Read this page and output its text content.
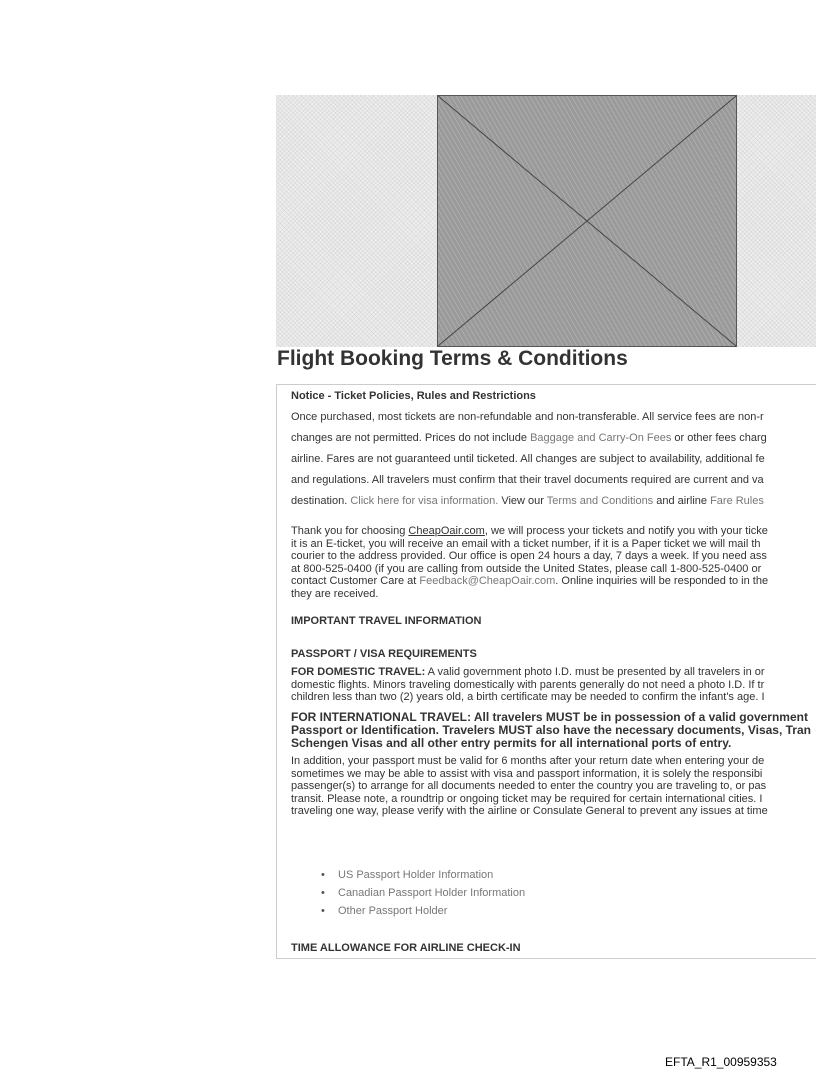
Flight Booking Terms & Conditions
Notice - Ticket Policies, Rules and Restrictions
Once purchased, most tickets are non-refundable and non-transferable. All service fees are non-r
changes are not permitted. Prices do not include Baggage and Carry-On Fees or other fees charg
airline. Fares are not guaranteed until ticketed. All changes are subject to availability, additional fe
and regulations. All travelers must confirm that their travel documents required are current and va
destination. Click here for visa information. View our Terms and Conditions and airline Fare Rules
Thank you for choosing CheapOair.com, we will process your tickets and notify you with your ticke
it is an E-ticket, you will receive an email with a ticket number, if it is a Paper ticket we will mail th
courier to the address provided. Our office is open 24 hours a day, 7 days a week. If you need ass
at 800-525-0400 (if you are calling from outside the United States, please call 1-800-525-0400 or
contact Customer Care at Feedback@CheapOair.com. Online inquiries will be responded to in the
they are received.
IMPORTANT TRAVEL INFORMATION
PASSPORT / VISA REQUIREMENTS
FOR DOMESTIC TRAVEL: A valid government photo I.D. must be presented by all travelers in or
domestic flights. Minors traveling domestically with parents generally do not need a photo I.D. If tr
children less than two (2) years old, a birth certificate may be needed to confirm the infant's age. I
FOR INTERNATIONAL TRAVEL: All travelers MUST be in possession of a valid government
Passport or Identification. Travelers MUST also have the necessary documents, Visas, Tran
Schengen Visas and all other entry permits for all international ports of entry.
In addition, your passport must be valid for 6 months after your return date when entering your de
sometimes we may be able to assist with visa and passport information, it is solely the responsibi
passenger(s) to arrange for all documents needed to enter the country you are traveling to, or pas
transit. Please note, a roundtrip or ongoing ticket may be required for certain international cities. I
traveling one way, please verify with the airline or Consulate General to prevent any issues at time
• US Passport Holder Information
• Canadian Passport Holder Information
• Other Passport Holder
TIME ALLOWANCE FOR AIRLINE CHECK-IN
EFTA_R1_00959353
